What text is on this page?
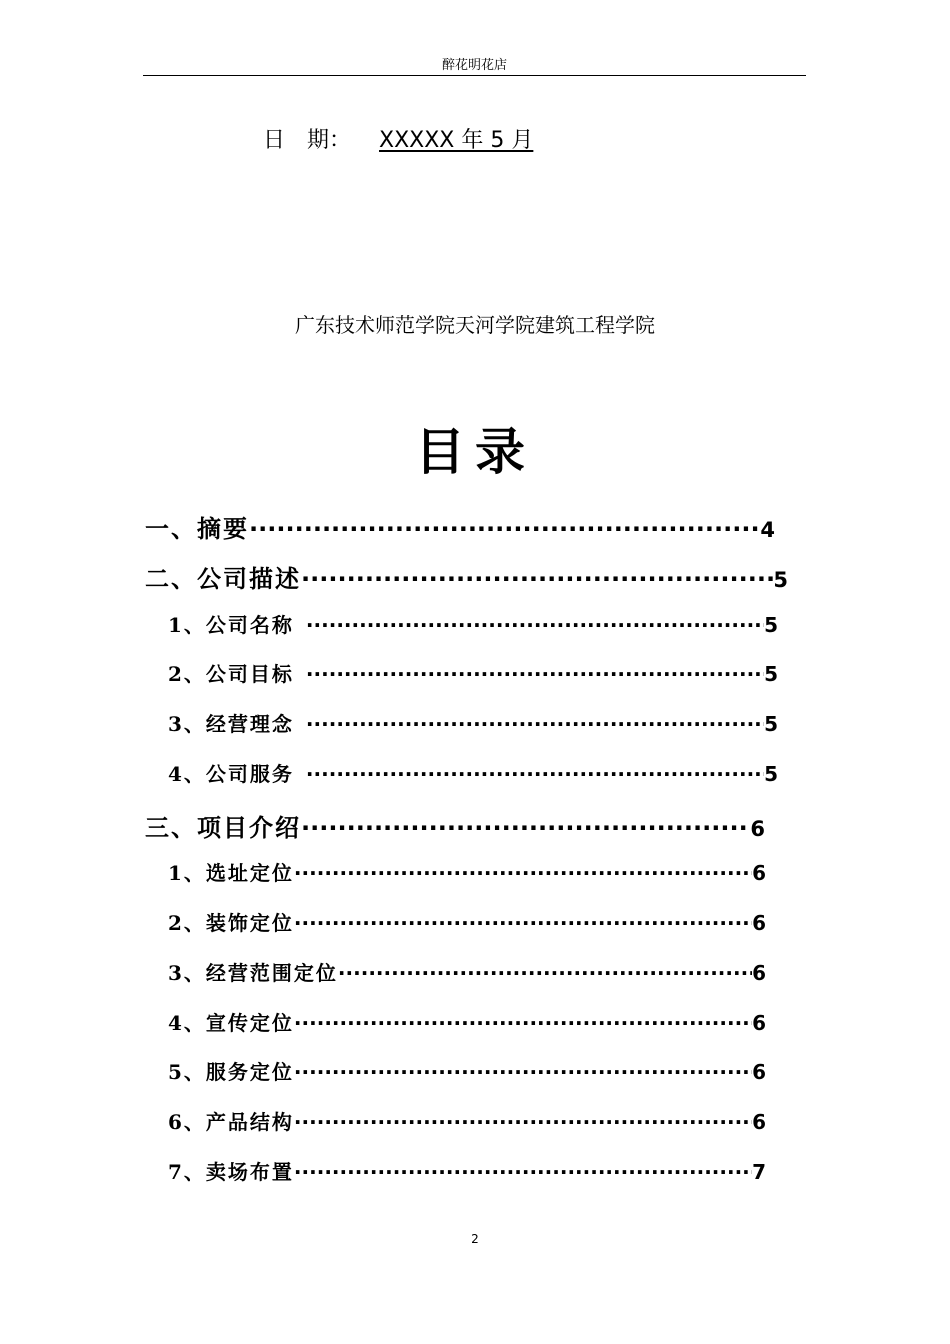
醉花明花店
日　期： XXXXX 年 5 月
广东技术师范学院天河学院建筑工程学院
目录
一、摘要 ·····	4
二、公司描述 ·····	5
1、公司名称 ·····	5
2、公司目标 ·····	5
3、经营理念 ·····	5
4、公司服务 ·····	5
三、项目介绍 ·····	6
1、选址定位 ·····	6
2、装饰定位 ·····	6
3、经营范围定位 ·····	6
4、宣传定位 ·····	6
5、服务定位 ·····	6
6、产品结构 ·····	6
7、卖场布置 ·····	7
2
